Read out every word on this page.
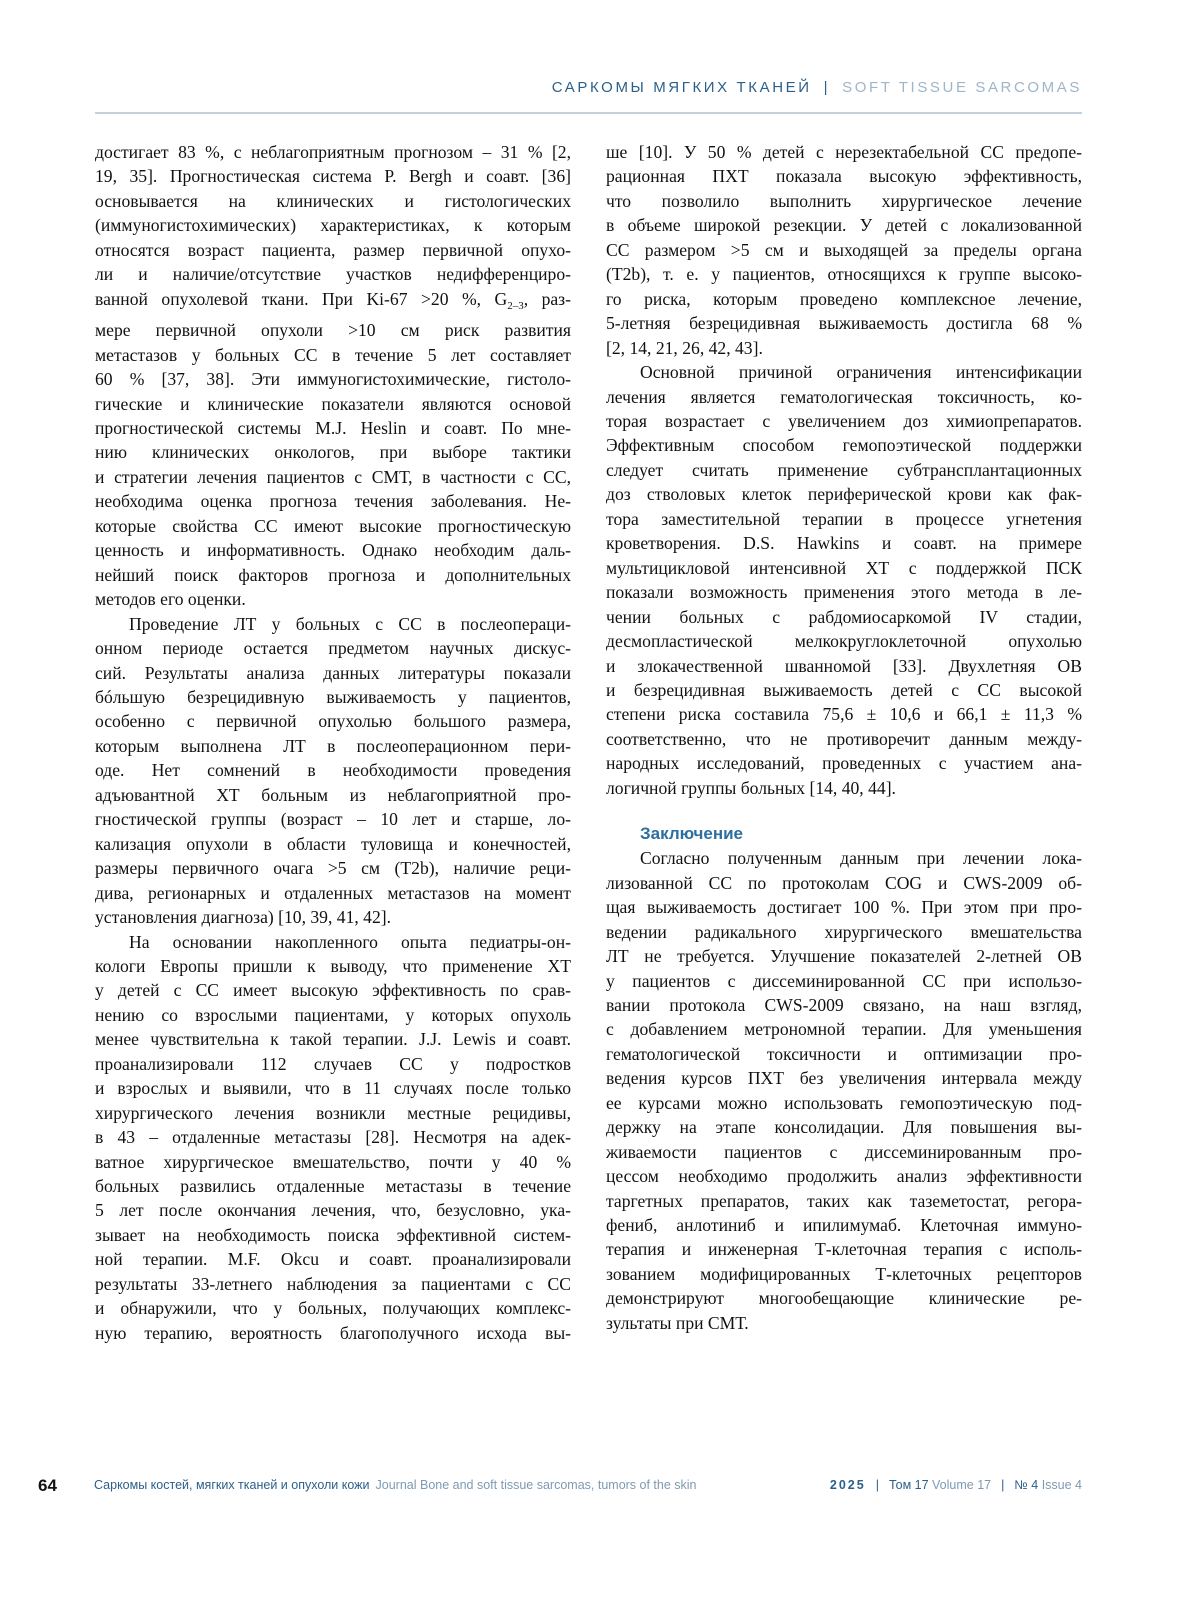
САРКОМЫ МЯГКИХ ТКАНЕЙ | SOFT TISSUE SARCOMAS
достигает 83 %, с неблагоприятным прогнозом – 31 % [2,
19, 35]. Прогностическая система P. Bergh и соавт. [36]
основывается на клинических и гистологических
(иммуногистохимических) характеристиках, к которым
относятся возраст пациента, размер первичной опухо-
ли и наличие/отсутствие участков недифференциро-
ванной опухолевой ткани. При Ki-67 >20 %, $G_{2-3}$, раз-
мере первичной опухоли >10 см риск развития
метастазов у больных СС в течение 5 лет составляет
60 % [37, 38]. Эти иммуногистохимические, гистоло-
гические и клинические показатели являются основой
прогностической системы M.J. Heslin и соавт. По мне-
нию клинических онкологов, при выборе тактики
и стратегии лечения пациентов с СМТ, в частности с СС,
необходима оценка прогноза течения заболевания. Не-
которые свойства СС имеют высокие прогностическую
ценность и информативность. Однако необходим даль-
нейший поиск факторов прогноза и дополнительных
методов его оценки.
Проведение ЛТ у больных с СС в послеопераци-
онном периоде остается предметом научных дискус-
сий. Результаты анализа данных литературы показали
бóльшую безрецидивную выживаемость у пациентов,
особенно с первичной опухолью большого размера,
которым выполнена ЛТ в послеоперационном пери-
оде. Нет сомнений в необходимости проведения
адъювантной ХТ больным из неблагоприятной про-
гностической группы (возраст – 10 лет и старше, ло-
кализация опухоли в области туловища и конечностей,
размеры первичного очага >5 см (T2b), наличие реци-
дива, регионарных и отдаленных метастазов на момент
установления диагноза) [10, 39, 41, 42].
На основании накопленного опыта педиатры-он-
кологи Европы пришли к выводу, что применение ХТ
у детей с СС имеет высокую эффективность по срав-
нению со взрослыми пациентами, у которых опухоль
менее чувствительна к такой терапии. J.J. Lewis и соавт.
проанализировали 112 случаев СС у подростков
и взрослых и выявили, что в 11 случаях после только
хирургического лечения возникли местные рецидивы,
в 43 – отдаленные метастазы [28]. Несмотря на адек-
ватное хирургическое вмешательство, почти у 40 %
больных развились отдаленные метастазы в течение
5 лет после окончания лечения, что, безусловно, ука-
зывает на необходимость поиска эффективной систем-
ной терапии. M.F. Okcu и соавт. проанализировали
результаты 33-летнего наблюдения за пациентами с СС
и обнаружили, что у больных, получающих комплекс-
ную терапию, вероятность благополучного исхода вы-
ше [10]. У 50 % детей с нерезектабельной СС предопе-
рационная ПХТ показала высокую эффективность,
что позволило выполнить хирургическое лечение
в объеме широкой резекции. У детей с локализованной
СС размером >5 см и выходящей за пределы органа
(T2b), т. е. у пациентов, относящихся к группе высоко-
го риска, которым проведено комплексное лечение,
5-летняя безрецидивная выживаемость достигла 68 %
[2, 14, 21, 26, 42, 43].
Основной причиной ограничения интенсификации
лечения является гематологическая токсичность, ко-
торая возрастает с увеличением доз химиопрепаратов.
Эффективным способом гемопоэтической поддержки
следует считать применение субтрансплантационных
доз стволовых клеток периферической крови как фак-
тора заместительной терапии в процессе угнетения
кроветворения. D.S. Hawkins и соавт. на примере
мультицикловой интенсивной ХТ с поддержкой ПСК
показали возможность применения этого метода в ле-
чении больных с рабдомиосаркомой IV стадии,
десмопластической мелкокруглоклеточной опухолью
и злокачественной шванномой [33]. Двухлетняя ОВ
и безрецидивная выживаемость детей с СС высокой
степени риска составила 75,6 ± 10,6 и 66,1 ± 11,3 %
соответственно, что не противоречит данным между-
народных исследований, проведенных с участием ана-
логичной группы больных [14, 40, 44].
Заключение
Согласно полученным данным при лечении лока-
лизованной СС по протоколам COG и CWS-2009 об-
щая выживаемость достигает 100 %. При этом при про-
ведении радикального хирургического вмешательства
ЛТ не требуется. Улучшение показателей 2-летней ОВ
у пациентов с диссеминированной СС при использо-
вании протокола CWS-2009 связано, на наш взгляд,
с добавлением метрономной терапии. Для уменьшения
гематологической токсичности и оптимизации про-
ведения курсов ПХТ без увеличения интервала между
ее курсами можно использовать гемопоэтическую под-
держку на этапе консолидации. Для повышения вы-
живаемости пациентов с диссеминированным про-
цессом необходимо продолжить анализ эффективности
таргетных препаратов, таких как таземетостат, регора-
фениб, анлотиниб и ипилимумаб. Клеточная иммуно-
терапия и инженерная Т-клеточная терапия с исполь-
зованием модифицированных Т-клеточных рецепторов
демонстрируют многообещающие клинические ре-
зультаты при СМТ.
64	Саркомы костей, мягких тканей и опухоли кожи Journal Bone and soft tissue sarcomas, tumors of the skin	2025 | Том 17 Volume 17 | № 4 Issue 4
